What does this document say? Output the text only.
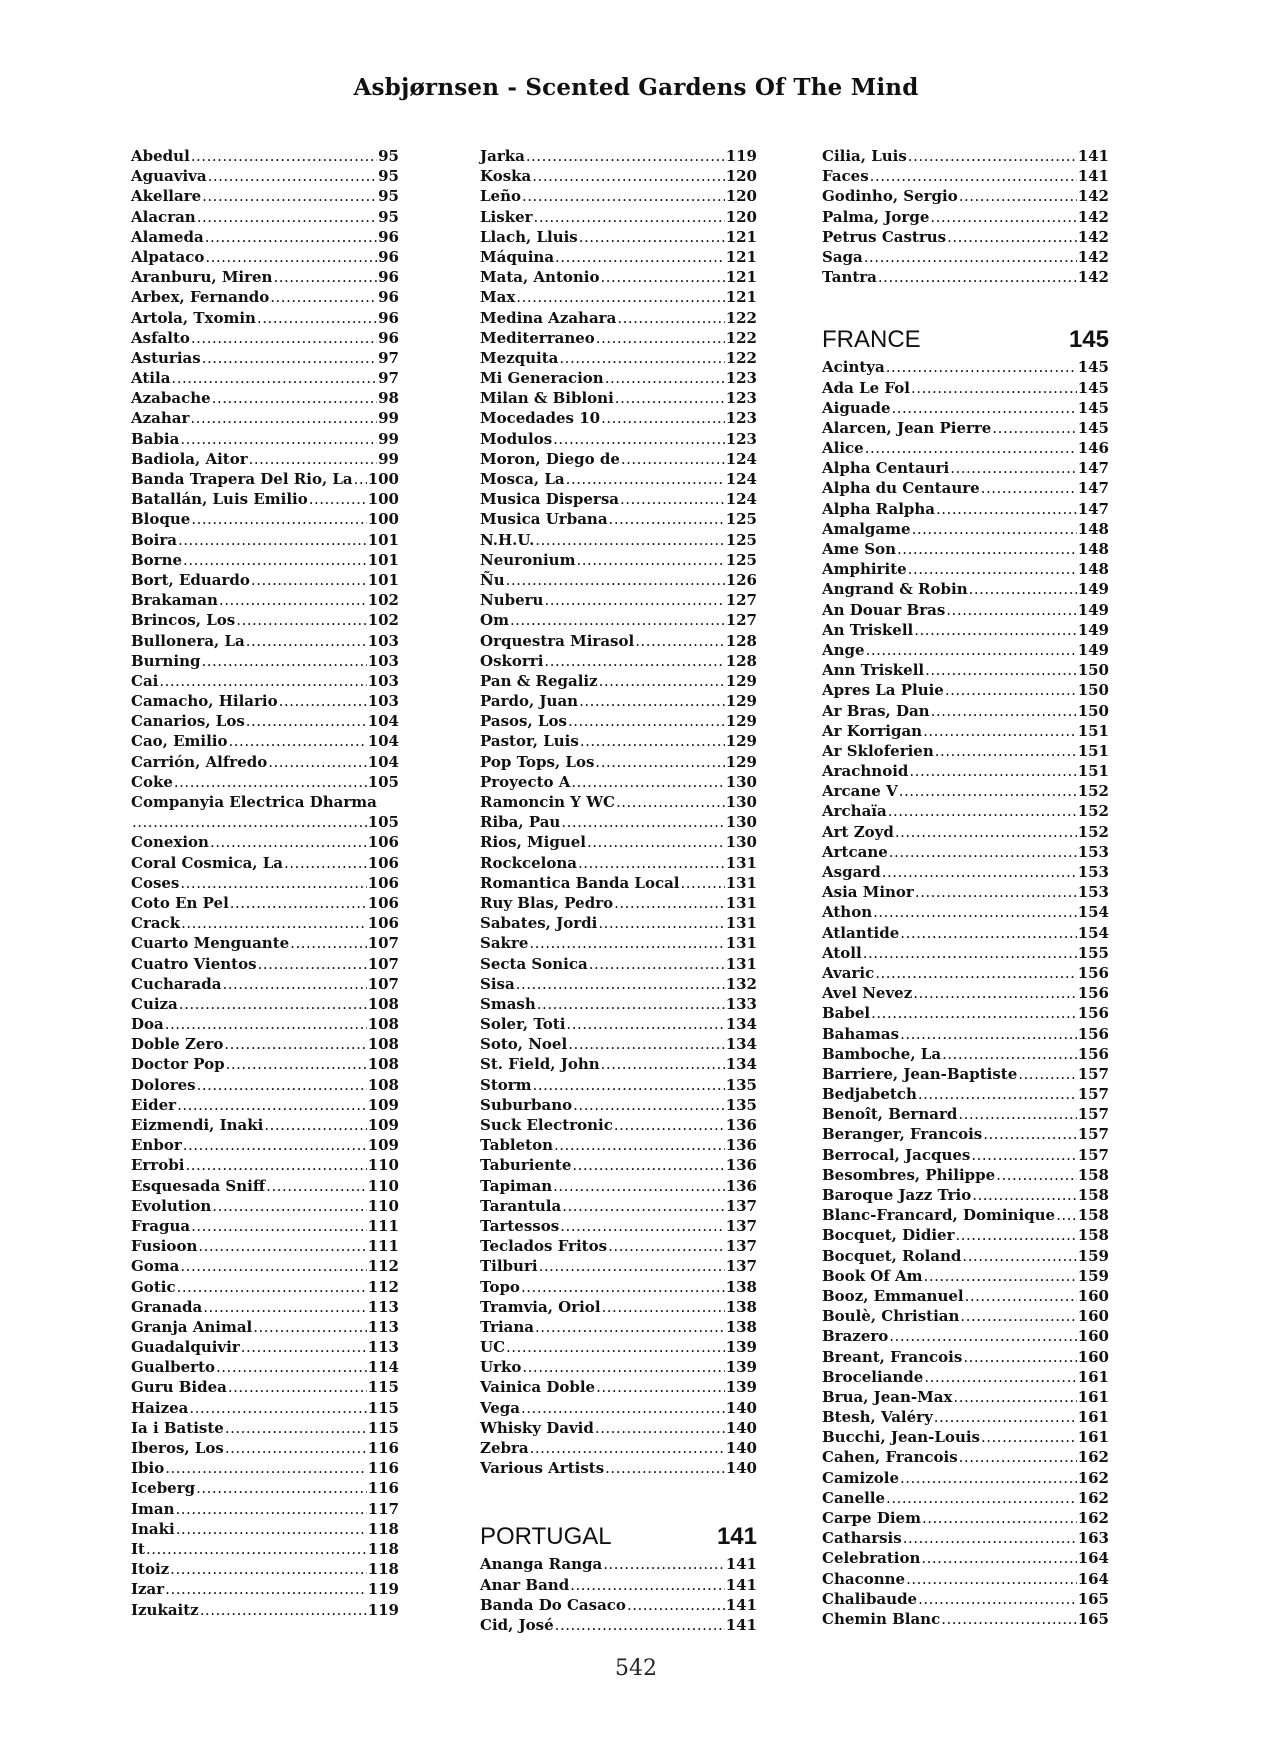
Asbjørnsen - Scented Gardens Of The Mind
Abedul .....	95
Aguaviva .....	95
Akellare .....	95
Alacran .....	95
Alameda .....	96
Alpataco .....	96
Aranburu, Miren .....	96
Arbex, Fernando .....	96
Artola, Txomin .....	96
Asfalto .....	96
Asturias .....	97
Atila .....	97
Azabache .....	98
Azahar .....	99
Babia .....	99
Badiola, Aitor .....	99
Banda Trapera Del Rio, La ..... 100
Batallán, Luis Emilio .....	100
Bloque .....	100
Boira .....	101
Borne .....	101
Bort, Eduardo .....	101
Brakaman .....	102
Brincos, Los .....	102
Bullonera, La .....	103
Burning .....	103
Cai .....	103
Camacho, Hilario .....	103
Canarios, Los .....	104
Cao, Emilio .....	104
Carrión, Alfredo .....	104
Coke .....	105
Companyia Electrica Dharma
.....
105
Conexion .....	106
Coral Cosmica, La .....	106
Coses .....	106
Coto En Pel .....	106
Crack .....	106
Cuarto Menguante .....	107
Cuatro Vientos .....	107
Cucharada .....	107
Cuiza .....	108
Doa .....	108
Doble Zero .....	108
Doctor Pop .....	108
Dolores .....	108
Eider .....	109
Eizmendi, Inaki .....	109
Enbor .....	109
Errobi .....	110
Esquesada Sniff .....	110
Evolution .....	110
Fragua .....	111
Fusioon .....	111
Goma .....	112
Gotic .....	112
Granada .....	113
Granja Animal .....	113
Guadalquivir .....	113
Gualberto .....	114
Guru Bidea .....	115
Haizea .....	115
Ia i Batiste .....	115
Iberos, Los .....	116
Ibio .....	116
Iceberg .....	116
Iman .....	117
Inaki .....	118
It .....	118
Itoiz .....	118
Izar .....	119
Izukaitz .....	119
Jarka .....	119
Koska .....	120
Leño .....	120
Lisker .....	120
Llach, Lluis .....	121
Máquina .....	121
Mata, Antonio .....	121
Max .....	121
Medina Azahara .....	122
Mediterraneo .....	122
Mezquita .....	122
Mi Generacion .....	123
Milan & Bibloni .....	123
Mocedades 10 .....	123
Modulos .....	123
Moron, Diego de .....	124
Mosca, La .....	124
Musica Dispersa .....	124
Musica Urbana .....	125
N.H.U. .....	125
Neuronium .....	125
Ñu .....	126
Nuberu .....	127
Om .....	127
Orquestra Mirasol .....	128
Oskorri .....	128
Pan & Regaliz .....	129
Pardo, Juan .....	129
Pasos, Los .....	129
Pastor, Luis .....	129
Pop Tops, Los .....	129
Proyecto A .....	130
Ramoncin Y WC .....	130
Riba, Pau .....	130
Rios, Miguel .....	130
Rockcelona .....	131
Romantica Banda Local .....	131
Ruy Blas, Pedro .....	131
Sabates, Jordi .....	131
Sakre .....	131
Secta Sonica .....	131
Sisa .....	132
Smash .....	133
Soler, Toti .....	134
Soto, Noel .....	134
St. Field, John .....	134
Storm .....	135
Suburbano .....	135
Suck Electronic .....	136
Tableton .....	136
Taburiente .....	136
Tapiman .....	136
Tarantula .....	137
Tartessos .....	137
Teclados Fritos .....	137
Tilburi .....	137
Topo .....	138
Tramvia, Oriol .....	138
Triana .....	138
UC .....	139
Urko .....	139
Vainica Doble .....	139
Vega .....	140
Whisky David .....	140
Zebra .....	140
Various Artists .....	140
PORTUGAL	141
Ananga Ranga .....	141
Anar Band .....	141
Banda Do Casaco .....	141
Cid, José .....	141
Cilia, Luis .....	141
Faces .....	141
Godinho, Sergio .....	142
Palma, Jorge .....	142
Petrus Castrus .....	142
Saga .....	142
Tantra .....	142
FRANCE	145
Acintya .....	145
Ada Le Fol .....	145
Aiguade .....	145
Alarcen, Jean Pierre .....	145
Alice .....	146
Alpha Centauri .....	147
Alpha du Centaure .....	147
Alpha Ralpha .....	147
Amalgame .....	148
Ame Son .....	148
Amphirite .....	148
Angrand & Robin .....	149
An Douar Bras .....	149
An Triskell .....	149
Ange .....	149
Ann Triskell .....	150
Apres La Pluie .....	150
Ar Bras, Dan .....	150
Ar Korrigan .....	151
Ar Skloferien .....	151
Arachnoid .....	151
Arcane V .....	152
Archaïa .....	152
Art Zoyd .....	152
Artcane .....	153
Asgard .....	153
Asia Minor .....	153
Athon .....	154
Atlantide .....	154
Atoll .....	155
Avaric .....	156
Avel Nevez .....	156
Babel .....	156
Bahamas .....	156
Bamboche, La .....	156
Barriere, Jean-Baptiste .....	157
Bedjabetch .....	157
Benoît, Bernard .....	157
Beranger, Francois .....	157
Berrocal, Jacques .....	157
Besombres, Philippe .....	158
Baroque Jazz Trio .....	158
Blanc-Francard, Dominique ..... 158
Bocquet, Didier .....	158
Bocquet, Roland .....	159
Book Of Am .....	159
Booz, Emmanuel .....	160
Boulè, Christian .....	160
Brazero .....	160
Breant, Francois .....	160
Broceliande .....	161
Brua, Jean-Max .....	161
Btesh, Valéry .....	161
Bucchi, Jean-Louis .....	161
Cahen, Francois .....	162
Camizole .....	162
Canelle .....	162
Carpe Diem .....	162
Catharsis .....	163
Celebration .....	164
Chaconne .....	164
Chalibaude .....	165
Chemin Blanc .....	165
542
